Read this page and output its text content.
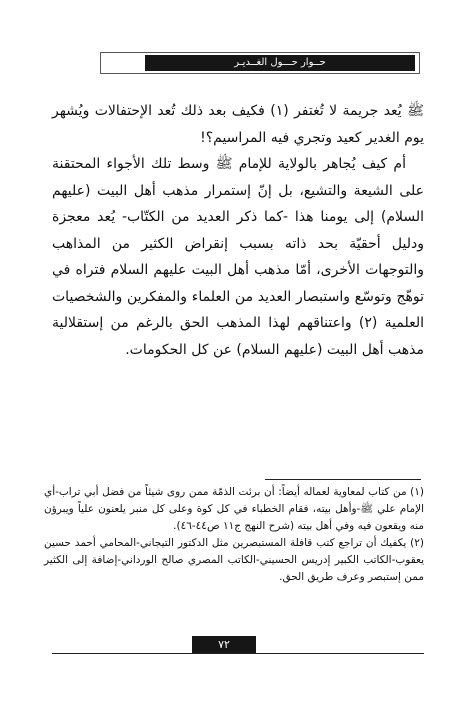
حــوار حـــول الغــديـر

ﷺ يُعد جريمة لا تُغتفر (١) فكيف بعد ذلك تُعد الإحتفالات ويُشهر يوم الغدير كعيد وتجري فيه المراسيم؟!

أم كيف يُجاهر بالولاية للإمام ﷺ وسط تلك الأجواء المحتقنة على الشيعة والتشيع، بل إنّ إستمرار مذهب أهل البيت (عليهم السلام) إلى يومنا هذا -كما ذكر العديد من الكتّاب- يُعد معجزة ودليل أحقيّة بحد ذاته بسبب إنقراض الكثير من المذاهب والتوجهات الأخرى، أمّا مذهب أهل البيت عليهم السلام فتراه في توهّج وتوسّع واستبصار العديد من العلماء والمفكرين والشخصيات العلمية (٢) واعتناقهم لهذا المذهب الحق بالرغم من إستقلالية مذهب أهل البيت (عليهم السلام) عن كل الحكومات.

(١) من كتاب لمعاوية لعماله أيضاً: أن برئت الذمّة ممن روى شيئاً من فضل أبي تراب-أي الإمام علي ﷺ-وأهل بيته، فقام الخطباء في كل كوة وعلى كل منبر يلعنون علياً ويبرؤن منه ويقعون فيه وفي أهل بيته (شرح النهج ج١١ ص٤٤-٤٦).

(٢) يكفيك أن تراجع كتب قافلة المستبصرين مثل الدكتور التيجاني-المحامي أحمد حسين يعقوب-الكاتب الكبير إدريس الحسيني-الكاتب المصري صالح الورداني-إضافة إلى الكثير ممن إستبصر وعرف طريق الحق.

٧٢
